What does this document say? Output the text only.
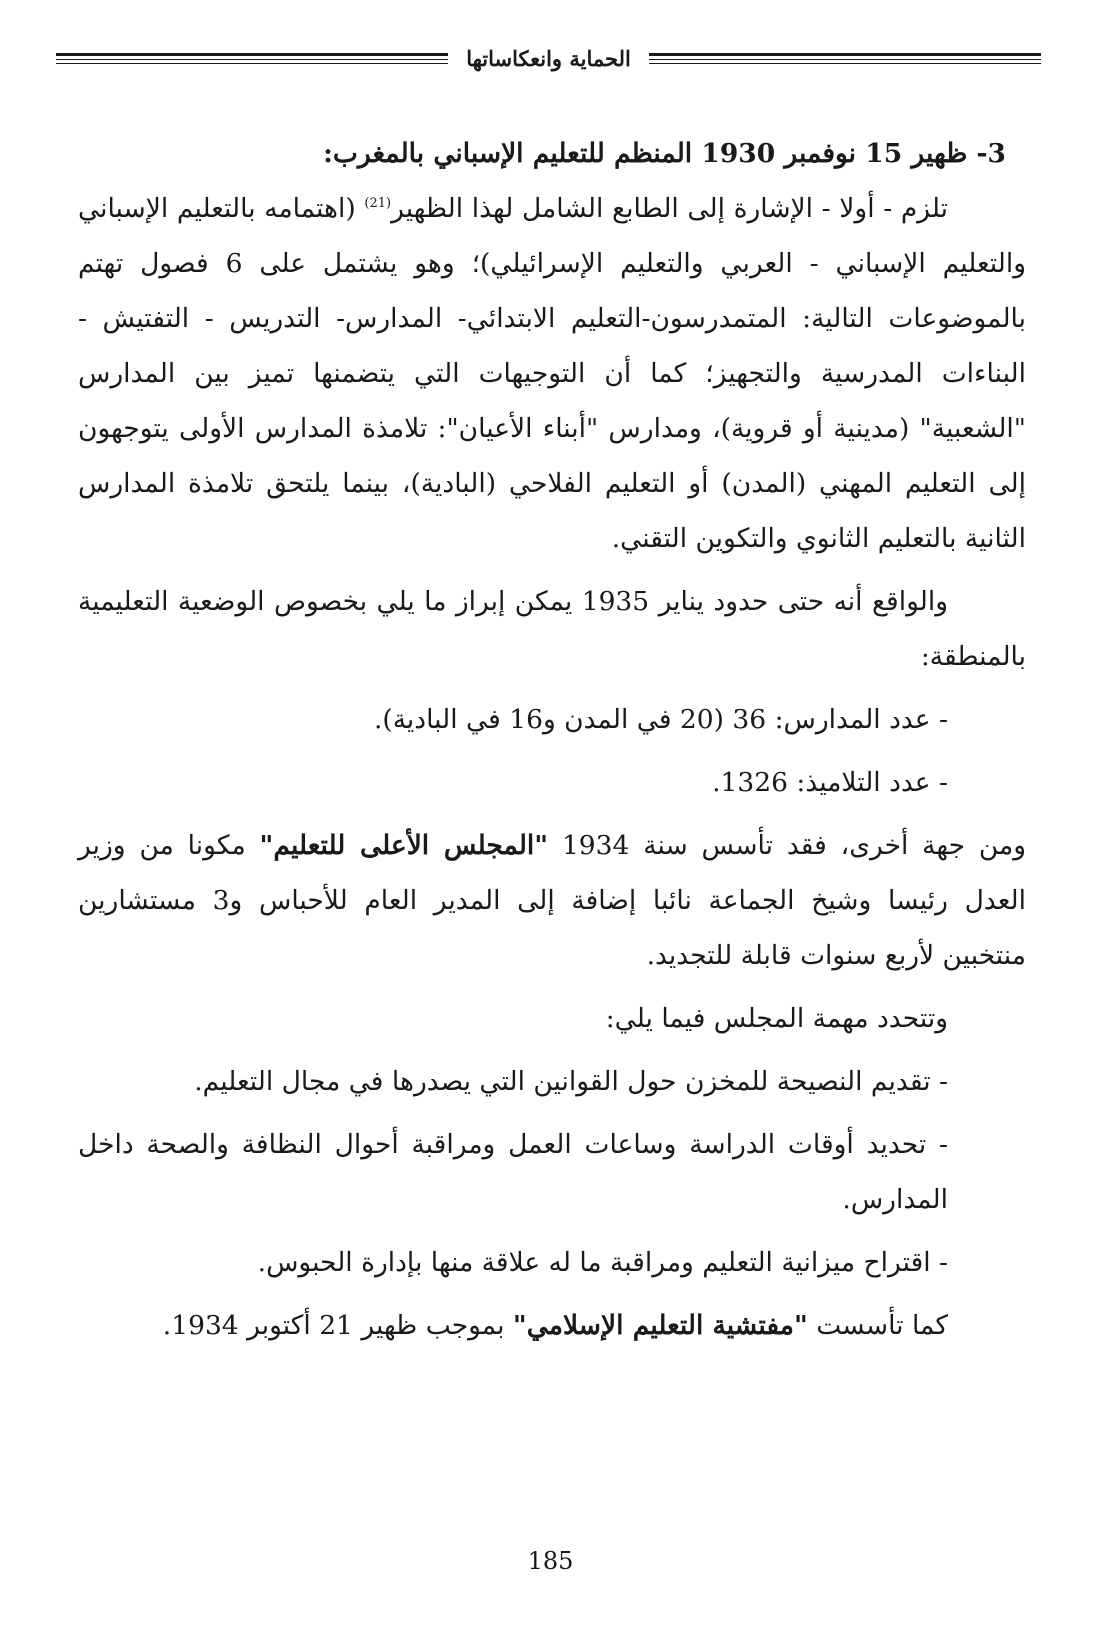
الحماية وانعكاساتها

3- ظهير 15 نوفمبر 1930 المنظم للتعليم الإسباني بالمغرب:

تلزم - أولا - الإشارة إلى الطابع الشامل لهذا الظهير$^{(21)}$ (اهتمامه بالتعليم الإسباني والتعليم الإسباني - العربي والتعليم الإسرائيلي)؛ وهو يشتمل على 6 فصول تهتم بالموضوعات التالية: المتمدرسون-التعليم الابتدائي- المدارس- التدريس - التفتيش - البناءات المدرسية والتجهيز؛ كما أن التوجيهات التي يتضمنها تميز بين المدارس "الشعبية" (مدينية أو قروية)، ومدارس "أبناء الأعيان": تلامذة المدارس الأولى يتوجهون إلى التعليم المهني (المدن) أو التعليم الفلاحي (البادية)، بينما يلتحق تلامذة المدارس الثانية بالتعليم الثانوي والتكوين التقني.

والواقع أنه حتى حدود يناير 1935 يمكن إبراز ما يلي بخصوص الوضعية التعليمية بالمنطقة:

- عدد المدارس: 36 (20 في المدن و16 في البادية).

- عدد التلاميذ: 1326.

ومن جهة أخرى، فقد تأسس سنة 1934 "المجلس الأعلى للتعليم" مكونا من وزير العدل رئيسا وشيخ الجماعة نائبا إضافة إلى المدير العام للأحباس و3 مستشارين منتخبين لأربع سنوات قابلة للتجديد.

وتتحدد مهمة المجلس فيما يلي:

- تقديم النصيحة للمخزن حول القوانين التي يصدرها في مجال التعليم.

- تحديد أوقات الدراسة وساعات العمل ومراقبة أحوال النظافة والصحة داخل المدارس.

- اقتراح ميزانية التعليم ومراقبة ما له علاقة منها بإدارة الحبوس.

كما تأسست "مفتشية التعليم الإسلامي" بموجب ظهير 21 أكتوبر 1934.

185
